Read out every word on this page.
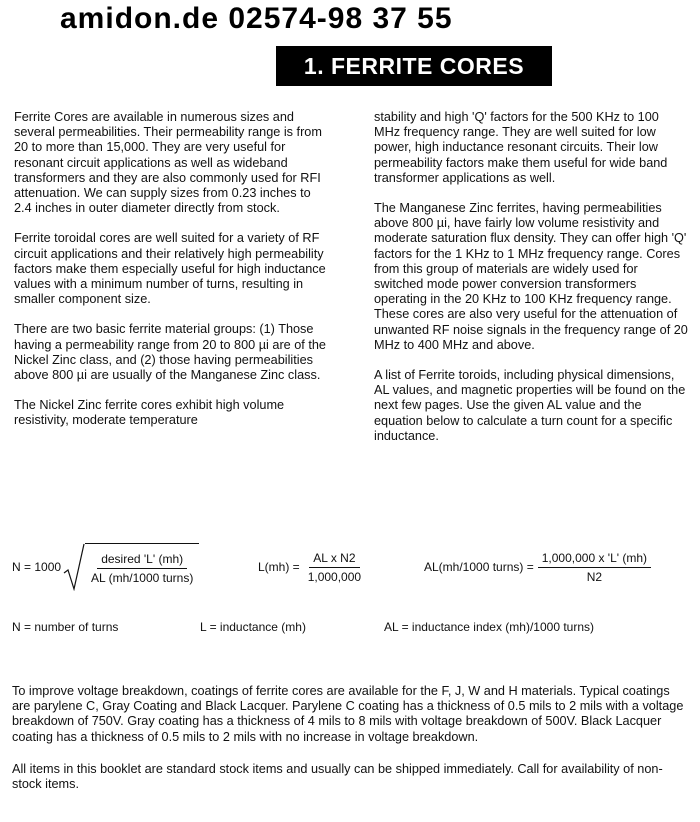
amidon.de 02574-98 37 55
1. FERRITE CORES

Ferrite Cores are available in numerous sizes and several permeabilities. Their permeability range is from 20 to more than 15,000. They are very useful for resonant circuit applications as well as wideband transformers and they are also commonly used for RFI attenuation. We can supply sizes from 0.23 inches to 2.4 inches in outer diameter directly from stock.

Ferrite toroidal cores are well suited for a variety of RF circuit applications and their relatively high permeability factors make them especially useful for high inductance values with a minimum number of turns, resulting in smaller component size.

There are two basic ferrite material groups: (1) Those having a permeability range from 20 to 800 µi are of the Nickel Zinc class, and (2) those having permeabilities above 800 µi are usually of the Manganese Zinc class.

The Nickel Zinc ferrite cores exhibit high volume resistivity, moderate temperature

stability and high 'Q' factors for the 500 KHz to 100 MHz frequency range. They are well suited for low power, high inductance resonant circuits. Their low permeability factors make them useful for wide band transformer applications as well.

The Manganese Zinc ferrites, having permeabilities above 800 µi, have fairly low volume resistivity and moderate saturation flux density. They can offer high 'Q' factors for the 1 KHz to 1 MHz frequency range. Cores from this group of materials are widely used for switched mode power conversion transformers operating in the 20 KHz to 100 KHz frequency range. These cores are also very useful for the attenuation of unwanted RF noise signals in the frequency range of 20 MHz to 400 MHz and above.

A list of Ferrite toroids, including physical dimensions, AL values, and magnetic properties will be found on the next few pages. Use the given AL value and the equation below to calculate a turn count for a specific inductance.

$N = 1000 \frac{\text{desired 'L' (mh)}}{\text{AL (mh/1000 turns)}}$	$L(mh) = \frac{\text{AL x N2}}{1,000,000}$	AL(mh/1000 turns) = $\frac{1,000,000 x 'L' (mh)}{N2}$
N = number of turns	L = inductance (mh)	AL = inductance index (mh)/1000 turns)

To improve voltage breakdown, coatings of ferrite cores are available for the F, J, W and H materials. Typical coatings are parylene C, Gray Coating and Black Lacquer. Parylene C coating has a thickness of 0.5 mils to 2 mils with a voltage breakdown of 750V. Gray coating has a thickness of 4 mils to 8 mils with voltage breakdown of 500V. Black Lacquer coating has a thickness of 0.5 mils to 2 mils with no increase in voltage breakdown.

All items in this booklet are standard stock items and usually can be shipped immediately. Call for availability of non-stock items.
